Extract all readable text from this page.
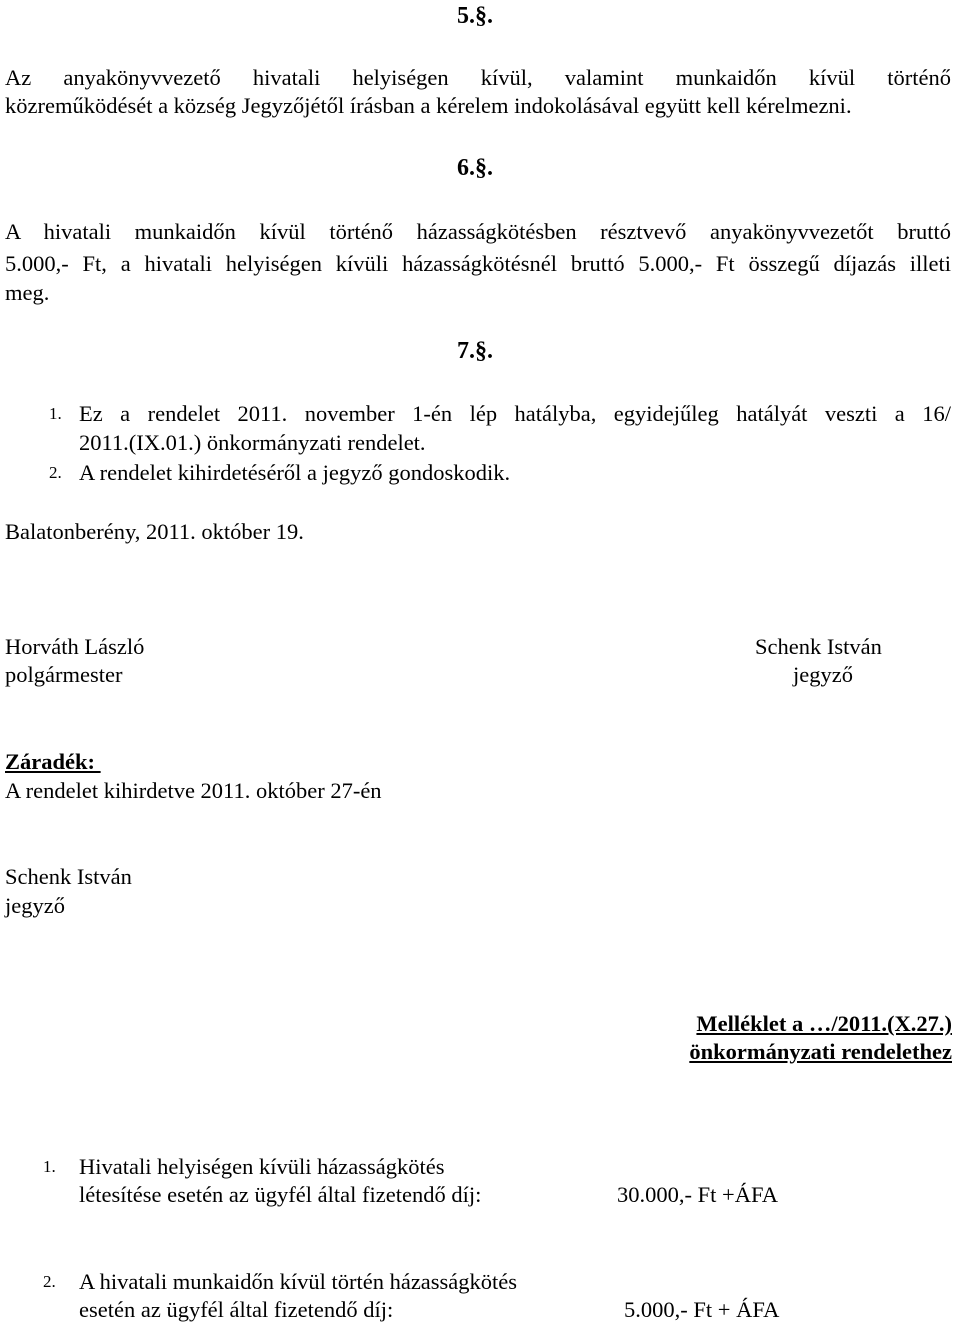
5.§.
Az anyakönyvvezető hivatali helyiségen kívül, valamint munkaidőn kívül történő
közreműködését a község Jegyzőjétől írásban a kérelem indokolásával együtt kell kérelmezni.
6.§.
A hivatali munkaidőn kívül történő házasságkötésben résztvevő anyakönyvvezetőt bruttó
5.000,- Ft, a hivatali helyiségen kívüli házasságkötésnél bruttó 5.000,- Ft összegű díjazás illeti
meg.
7.§.
1. Ez a rendelet 2011. november 1-én lép hatályba, egyidejűleg hatályát veszti a 16/
2011.(IX.01.) önkormányzati rendelet.
2. A rendelet kihirdetéséről a jegyző gondoskodik.
Balatonberény, 2011. október 19.
Horváth László
polgármester
Schenk István
jegyző
Záradék:
A rendelet kihirdetve 2011. október 27-én
Schenk István
jegyző
Melléklet a …/2011.(X.27.)
önkormányzati rendelethez
1. Hivatali helyiségen kívüli házasságkötés
létesítése esetén az ügyfél által fizetendő díj:	30.000,- Ft +ÁFA
2. A hivatali munkaidőn kívül történ házasságkötés
esetén az ügyfél által fizetendő díj:	5.000,- Ft + ÁFA
